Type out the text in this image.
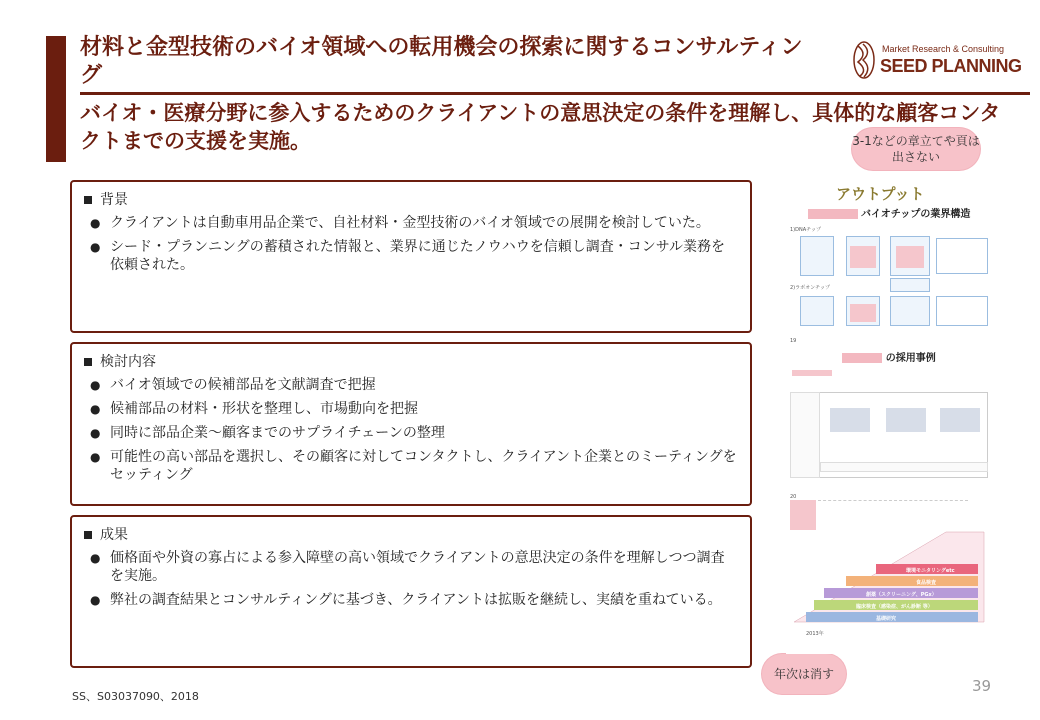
材料と金型技術のバイオ領域への転用機会の探索に関するコンサルティング
バイオ・医療分野に参入するためのクライアントの意思決定の条件を理解し、具体的な顧客コンタクトまでの支援を実施。
Market Research & Consulting
SEED PLANNING
3-1などの章立てや頁は出さない
年次は消す
背景
● クライアントは自動車用品企業で、自社材料・金型技術のバイオ領域での展開を検討していた。
● シード・プランニングの蓄積された情報と、業界に通じたノウハウを信頼し調査・コンサル業務を依頼された。
検討内容
● バイオ領域での候補部品を文献調査で把握
● 候補部品の材料・形状を整理し、市場動向を把握
● 同時に部品企業〜顧客までのサプライチェーンの整理
● 可能性の高い部品を選択し、その顧客に対してコンタクトし、クライアント企業とのミーティングをセッティング
成果
● 価格面や外資の寡占による参入障壁の高い領域でクライアントの意思決定の条件を理解しつつ調査を実施。
● 弊社の調査結果とコンサルティングに基づき、クライアントは拡販を継続し、実績を重ねている。
アウトプット
バイオチップの業界構造
1)DNAチップ
2)ラボオンチップ
19
の採用事例
20
環境モニタリングetc
食品検査
創薬（スクリーニング、PGx）
臨床検査（感染症、がん診断 等）
基礎研究
2013年
39
SS、S03037090、2018
